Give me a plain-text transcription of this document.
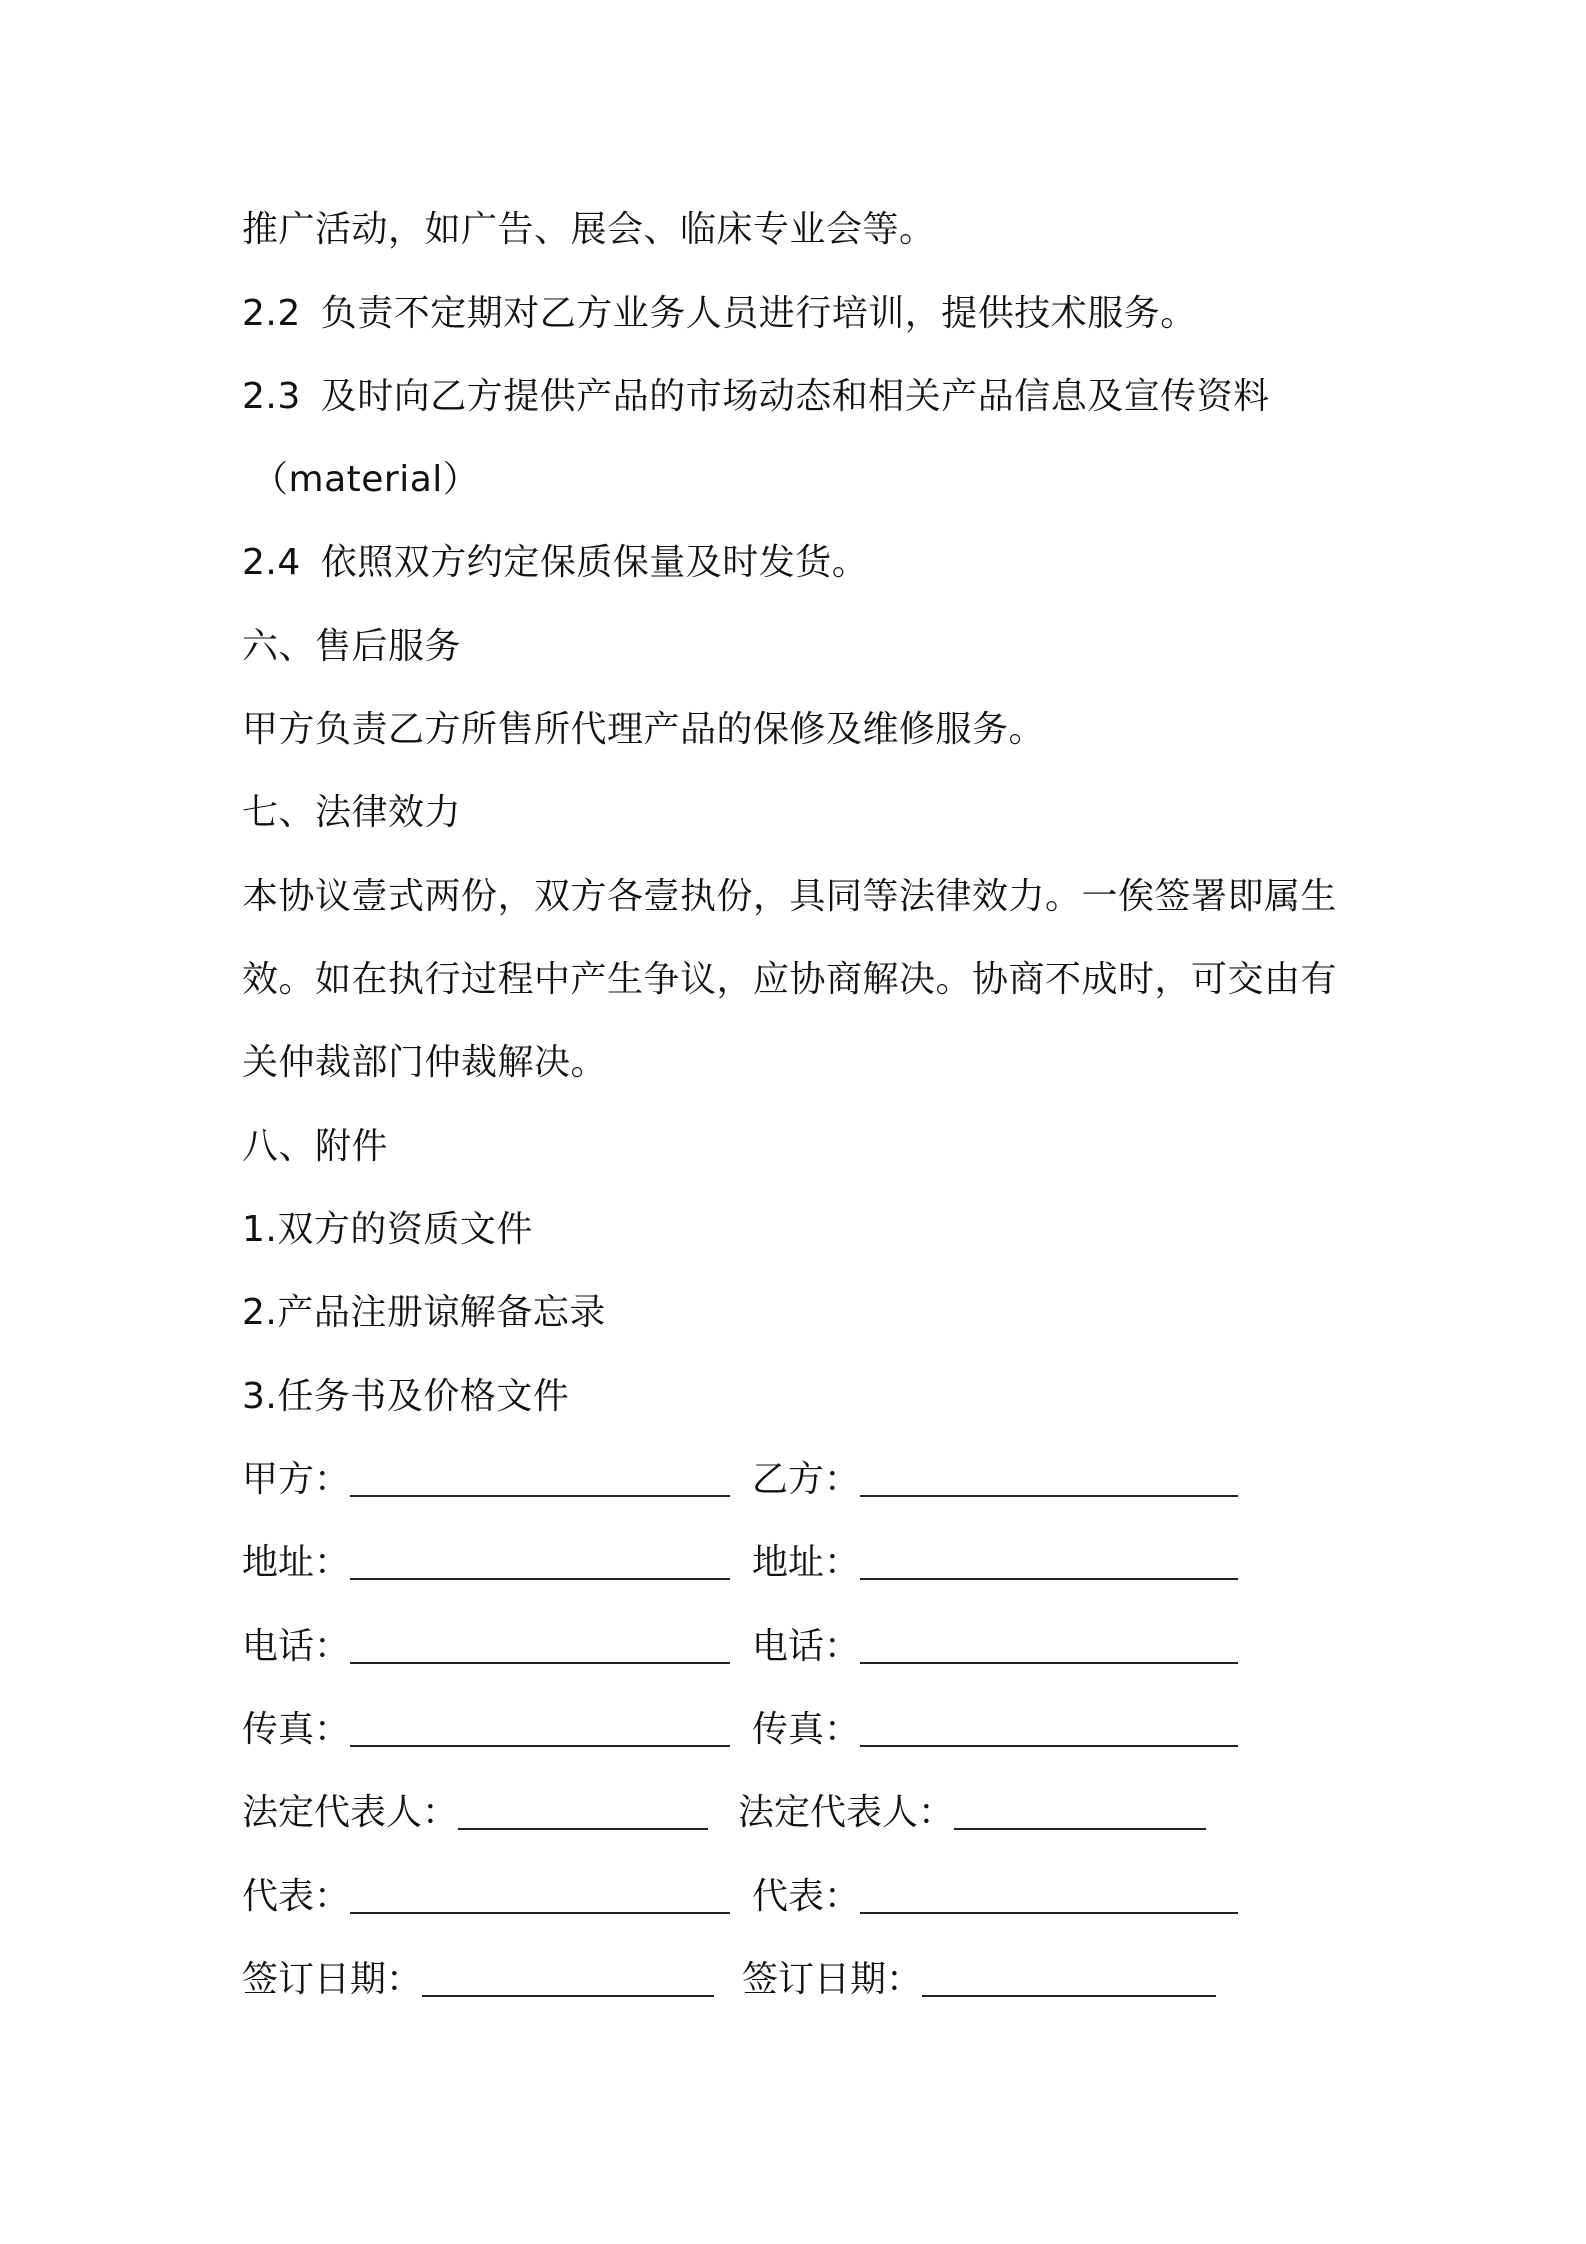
推广活动，如广告、展会、临床专业会等。
2.2 负责不定期对乙方业务人员进行培训，提供技术服务。
2.3 及时向乙方提供产品的市场动态和相关产品信息及宣传资料
（material）
2.4 依照双方约定保质保量及时发货。
六、售后服务
甲方负责乙方所售所代理产品的保修及维修服务。
七、法律效力
本协议壹式两份，双方各壹执份，具同等法律效力。一俟签署即属生
效。如在执行过程中产生争议，应协商解决。协商不成时，可交由有
关仲裁部门仲裁解决。
八、附件
1.双方的资质文件
2.产品注册谅解备忘录
3.任务书及价格文件
甲方：	乙方：
地址：	地址：
电话：	电话：
传真：	传真：
法定代表人：	法定代表人：
代表：	代表：
签订日期：	签订日期：
